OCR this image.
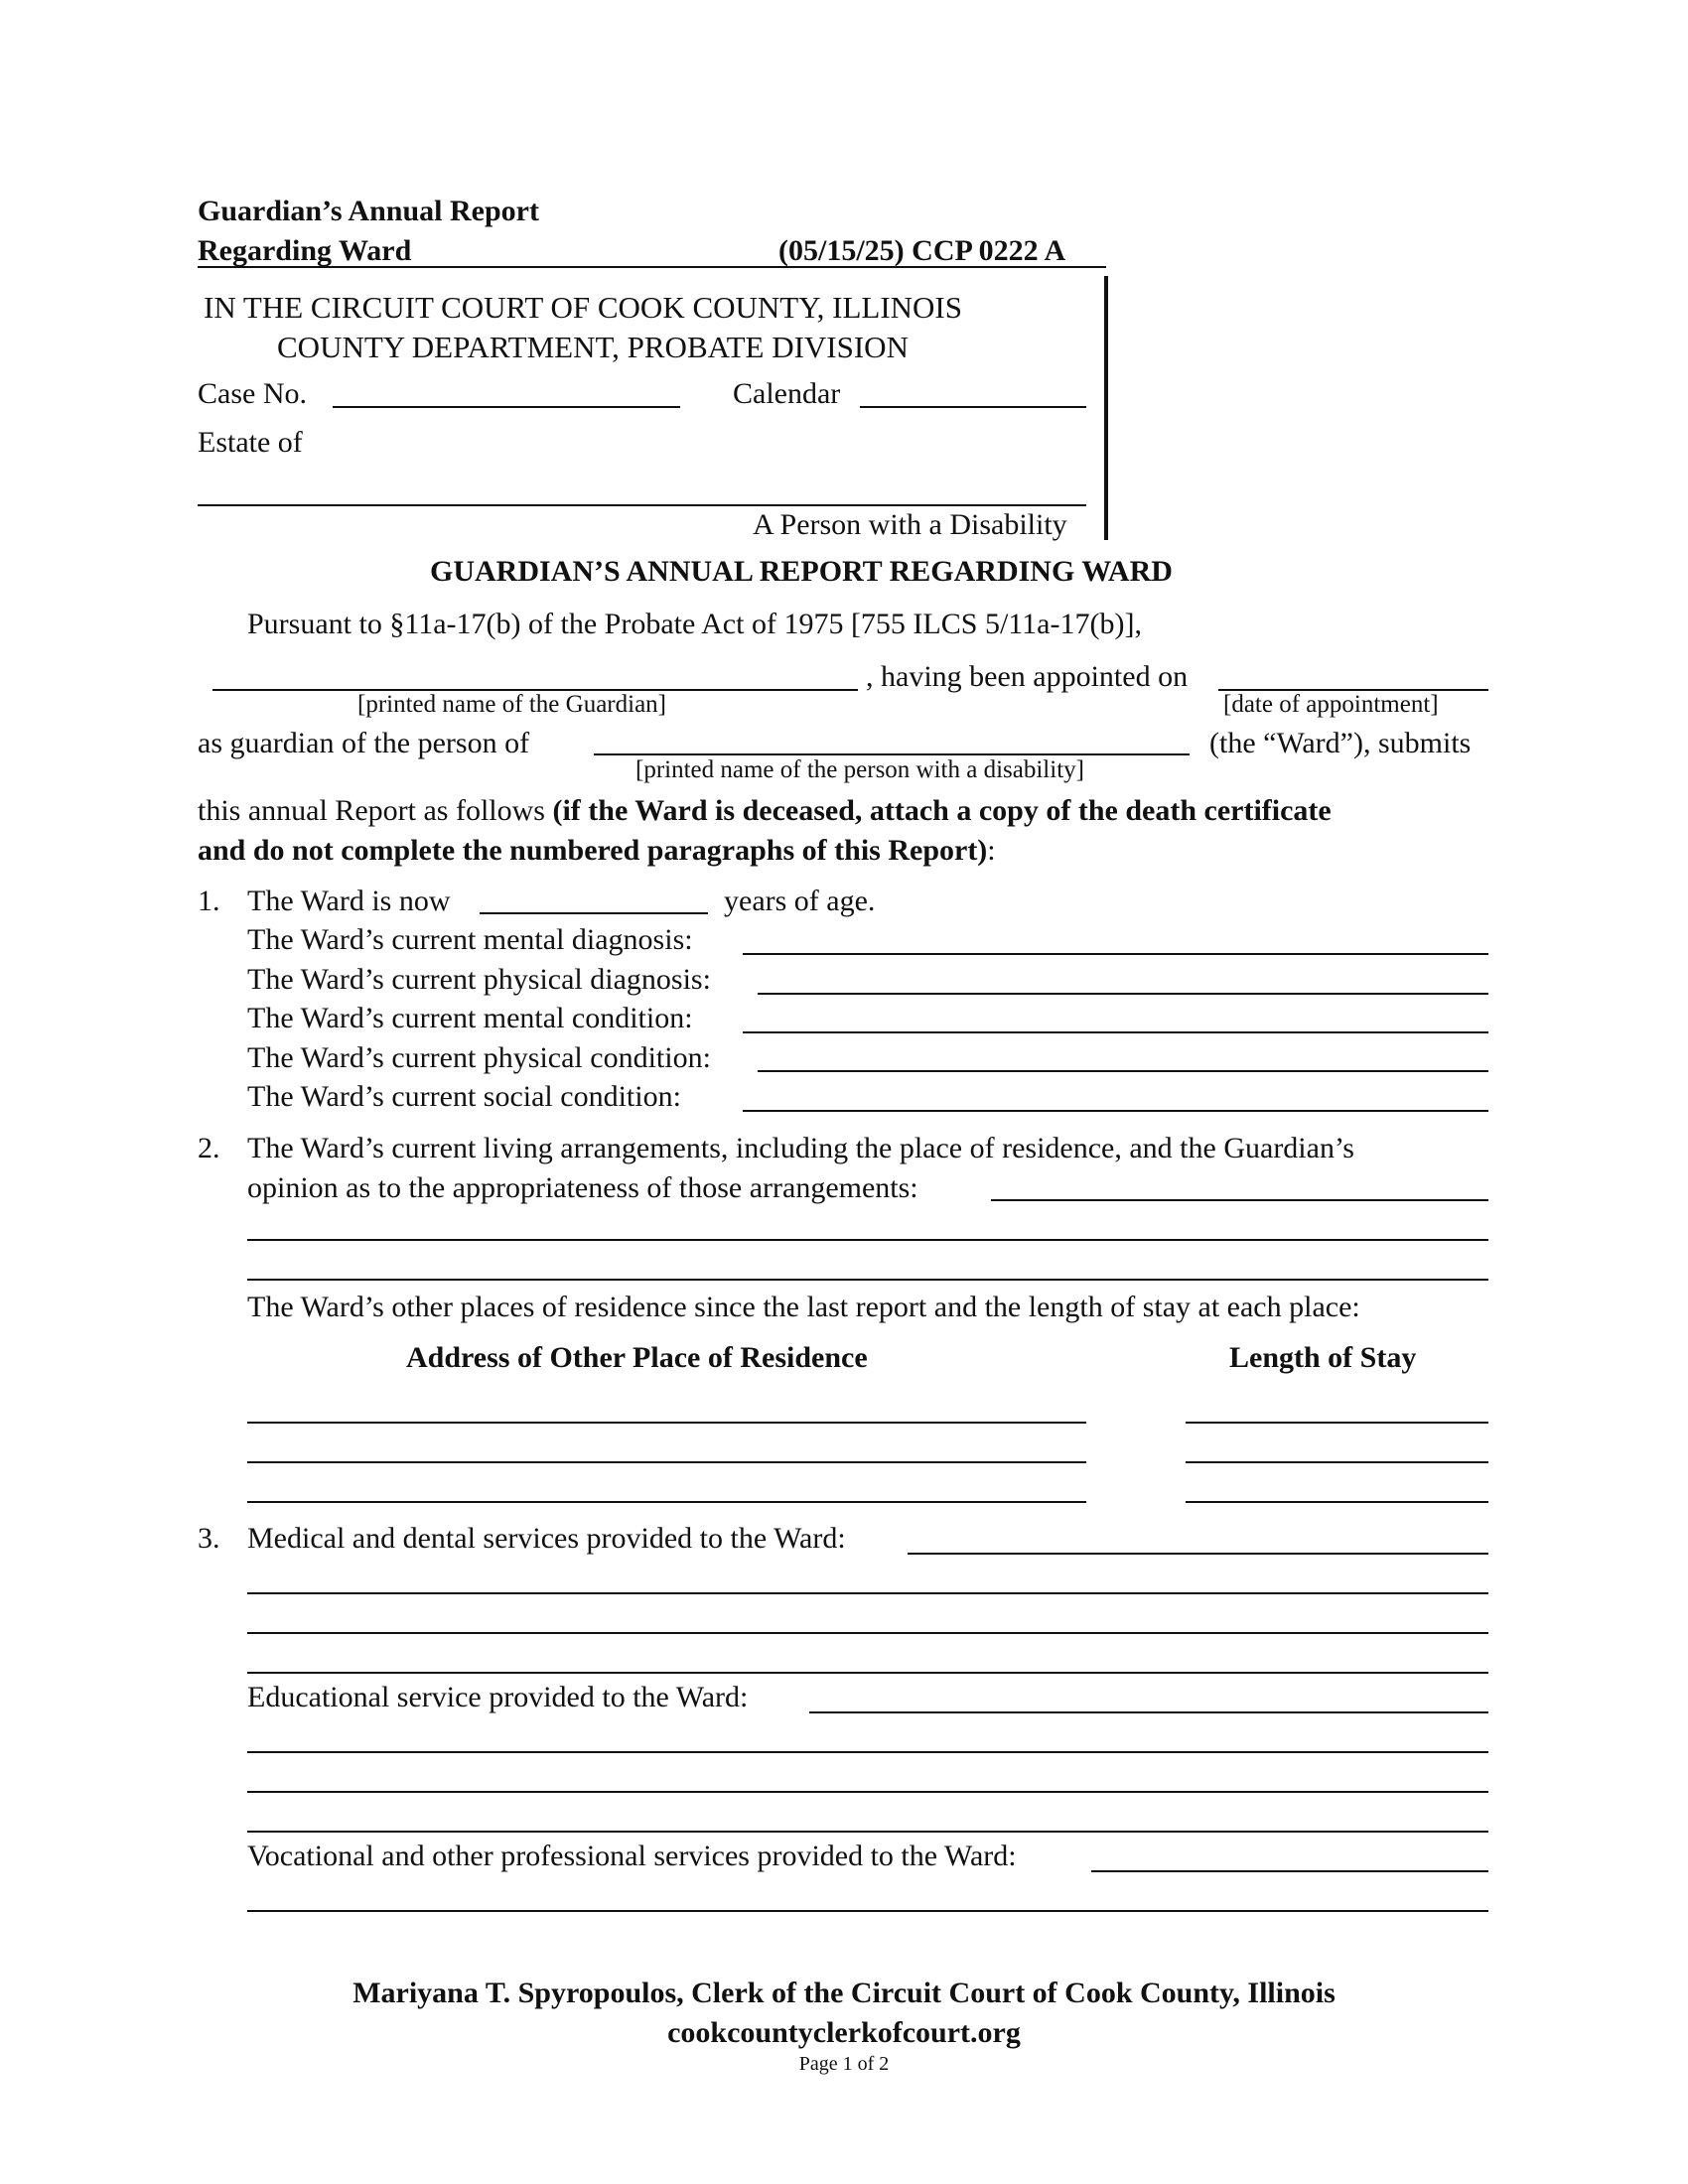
Guardian’s Annual Report
Regarding Ward	(05/15/25) CCP 0222 A
IN THE CIRCUIT COURT OF COOK COUNTY, ILLINOIS
COUNTY DEPARTMENT, PROBATE DIVISION
Case No.	Calendar
Estate of
A Person with a Disability
GUARDIAN’S ANNUAL REPORT REGARDING WARD
Pursuant to §11a-17(b) of the Probate Act of 1975 [755 ILCS 5/11a-17(b)],
, having been appointed on
[printed name of the Guardian]	[date of appointment]
as guardian of the person of	(the “Ward”), submits
[printed name of the person with a disability]
this annual Report as follows (if the Ward is deceased, attach a copy of the death certificate
and do not complete the numbered paragraphs of this Report):
1. The Ward is now	years of age.
The Ward’s current mental diagnosis:
The Ward’s current physical diagnosis:
The Ward’s current mental condition:
The Ward’s current physical condition:
The Ward’s current social condition:
2. The Ward’s current living arrangements, including the place of residence, and the Guardian’s
opinion as to the appropriateness of those arrangements:
The Ward’s other places of residence since the last report and the length of stay at each place:
Address of Other Place of Residence	Length of Stay
3. Medical and dental services provided to the Ward:
Educational service provided to the Ward:
Vocational and other professional services provided to the Ward:
Mariyana T. Spyropoulos, Clerk of the Circuit Court of Cook County, Illinois
cookcountyclerkofcourt.org
Page 1 of 2
